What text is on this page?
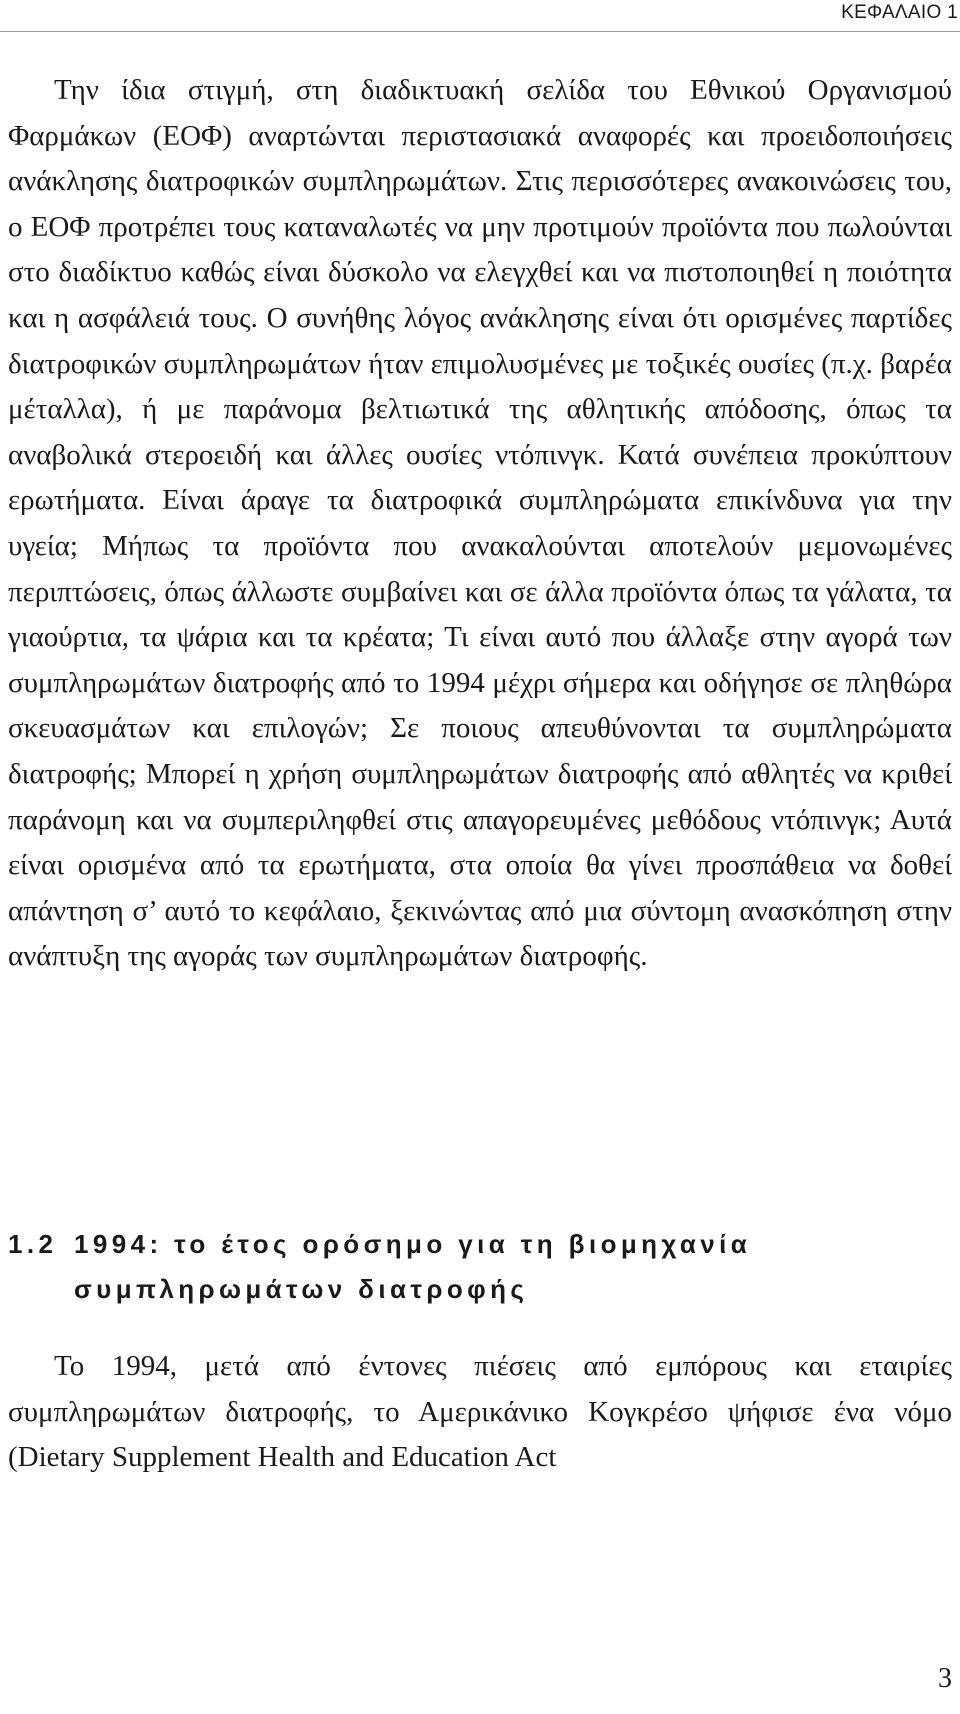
ΚΕΦΑΛΑΙΟ 1

Την ίδια στιγμή, στη διαδικτυακή σελίδα του Εθνικού Οργανισμού Φαρμάκων (ΕΟΦ) αναρτώνται περιστασιακά αναφορές και προειδοποιήσεις ανάκλησης διατροφικών συμπληρωμάτων. Στις περισσότερες ανακοινώσεις του, ο ΕΟΦ προτρέπει τους καταναλωτές να μην προτιμούν προϊόντα που πωλούνται στο διαδίκτυο καθώς είναι δύσκολο να ελεγχθεί και να πιστοποιηθεί η ποιότητα και η ασφάλειά τους. Ο συνήθης λόγος ανάκλησης είναι ότι ορισμένες παρτίδες διατροφικών συμπληρωμάτων ήταν επιμολυσμένες με τοξικές ουσίες (π.χ. βαρέα μέταλλα), ή με παράνομα βελτιωτικά της αθλητικής απόδοσης, όπως τα αναβολικά στεροειδή και άλλες ουσίες ντόπινγκ. Κατά συνέπεια προκύπτουν ερωτήματα. Είναι άραγε τα διατροφικά συμπληρώματα επικίνδυνα για την υγεία; Μήπως τα προϊόντα που ανακαλούνται αποτελούν μεμονωμένες περιπτώσεις, όπως άλλωστε συμβαίνει και σε άλλα προϊόντα όπως τα γάλατα, τα γιαούρτια, τα ψάρια και τα κρέατα; Τι είναι αυτό που άλλαξε στην αγορά των συμπληρωμάτων διατροφής από το 1994 μέχρι σήμερα και οδήγησε σε πληθώρα σκευασμάτων και επιλογών; Σε ποιους απευθύνονται τα συμπληρώματα διατροφής; Μπορεί η χρήση συμπληρωμάτων διατροφής από αθλητές να κριθεί παράνομη και να συμπεριληφθεί στις απαγορευμένες μεθόδους ντόπινγκ; Αυτά είναι ορισμένα από τα ερωτήματα, στα οποία θα γίνει προσπάθεια να δοθεί απάντηση σ’ αυτό το κεφάλαιο, ξεκινώντας από μια σύντομη ανασκόπηση στην ανάπτυξη της αγοράς των συμπληρωμάτων διατροφής.

1.2 1994: το έτος ορόσημο για τη βιομηχανία
συμπληρωμάτων διατροφής

Το 1994, μετά από έντονες πιέσεις από εμπόρους και εταιρίες συμπληρωμάτων διατροφής, το Αμερικάνικο Κογκρέσο ψήφισε ένα νόμο (Dietary Supplement Health and Education Act

3
